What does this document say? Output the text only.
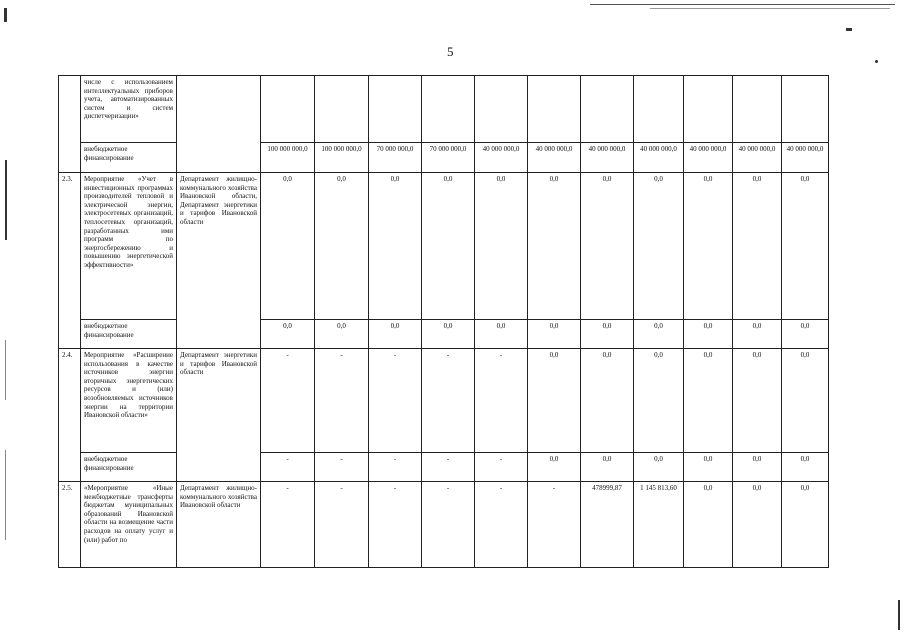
5
	числе с использованием интеллектуальных приборов учета, автоматизированных систем и систем диспетчеризации»												
	внебюджетное финансирование		100 000 000,0	100 000 000,0	70 000 000,0	70 000 000,0	40 000 000,0	40 000 000,0	40 000 000,0	40 000 000,0	40 000 000,0	40 000 000,0	40 000 000,0
2.3.	Мероприятие «Учет в инвестиционных программах производителей тепловой и электрической энергии, электросетевых организаций, теплосетевых организаций, разработанных ими программ по энергосбережению и повышению энергетической эффективности»	Департамент жилищно-коммунального хозяйства Ивановской области, Департамент энергетики и тарифов Ивановской области	0,0	0,0	0,0	0,0	0,0	0,0	0,0	0,0	0,0	0,0	0,0
	внебюджетное финансирование		0,0	0,0	0,0	0,0	0,0	0,0	0,0	0,0	0,0	0,0	0,0
2.4.	Мероприятие «Расширение использования в качестве источников энергии вторичных энергетических ресурсов и (или) возобновляемых источников энергии на территории Ивановской области»	Департамент энергетики и тарифов Ивановской области	-	-	-	-	-	0,0	0,0	0,0	0,0	0,0	0,0
	внебюджетное финансирование		-	-	-	-	-	0,0	0,0	0,0	0,0	0,0	0,0
2.5.	«Мероприятие «Иные межбюджетные трансферты бюджетам муниципальных образований Ивановской области на возмещение части расходов на оплату услуг и (или) работ по	Департамент жилищно-коммунального хозяйства Ивановской области	-	-	-	-	-	-	478999,87	1 145 813,60	0,0	0,0	0,0
